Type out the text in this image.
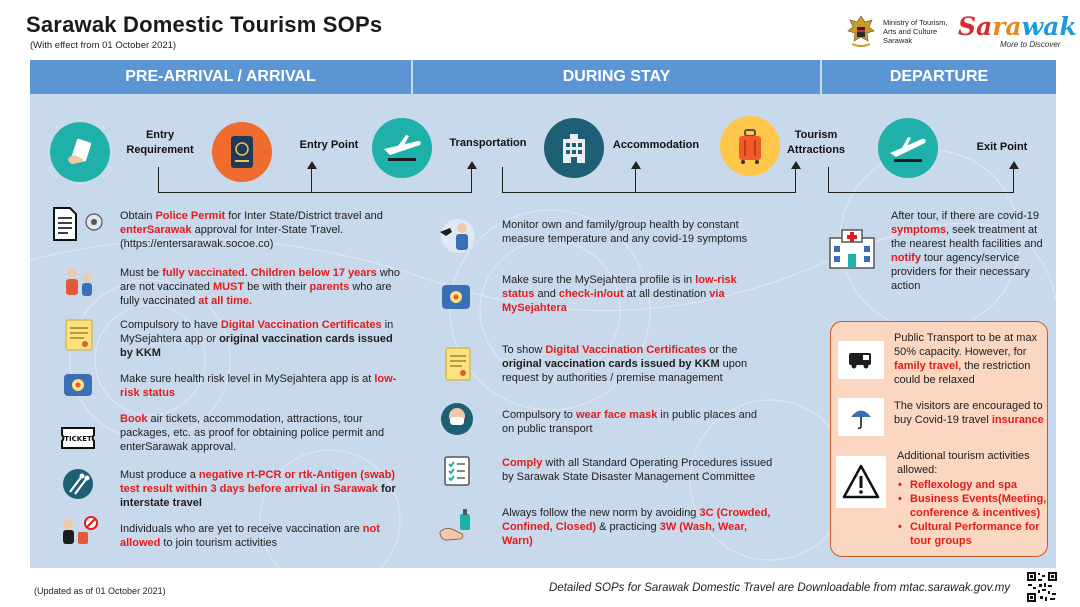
Sarawak Domestic Tourism SOPs
(With effect from 01 October 2021)
Ministry of Tourism,
Arts and Culture
Sarawak	Sarawak
More to Discover
PRE-ARRIVAL / ARRIVAL	DURING STAY	DEPARTURE
Entry
Requirement	Entry Point	Transportation	Accommodation
Tourism
Attractions	Exit Point
TICKET
Obtain Police Permit for Inter State/District travel and enterSarawak approval for Inter-State Travel. (https://entersarawak.socoe.co)
Must be fully vaccinated. Children below 17 years who are not vaccinated MUST be with their parents who are fully vaccinated at all time.
Compulsory to have Digital Vaccination Certificates in MySejahtera app or original vaccination cards issued by KKM
Make sure health risk level in MySejahtera app is at low-risk status
Book air tickets, accommodation, attractions, tour packages, etc. as proof for obtaining police permit and enterSarawak approval.
Must produce a negative rt-PCR or rtk-Antigen (swab) test result within 3 days before arrival in Sarawak for interstate travel
Individuals who are yet to receive vaccination are not allowed to join tourism activities
Monitor own and family/group health by constant measure temperature and any covid-19 symptoms
Make sure the MySejahtera profile is in low-risk status and check-in/out at all destination via MySejahtera
To show Digital Vaccination Certificates or the original vaccination cards issued by KKM upon request by authorities / premise management
Compulsory to wear face mask in public places and on public transport
Comply with all Standard Operating Procedures issued by Sarawak State Disaster Management Committee
Always follow the new norm by avoiding 3C (Crowded, Confined, Closed) & practicing 3W (Wash, Wear, Warn)
After tour, if there are covid-19 symptoms, seek treatment at the nearest health facilities and notify tour agency/service providers for their necessary action
Public Transport to be at max 50% capacity. However, for family travel, the restriction could be relaxed
The visitors are encouraged to buy Covid-19 travel insurance
Additional tourism activities allowed:
• Reflexology and spa
• Business Events(Meeting, conference & incentives)
• Cultural Performance for tour groups
(Updated as of 01 October 2021)	Detailed SOPs for Sarawak Domestic Travel are Downloadable from mtac.sarawak.gov.my
